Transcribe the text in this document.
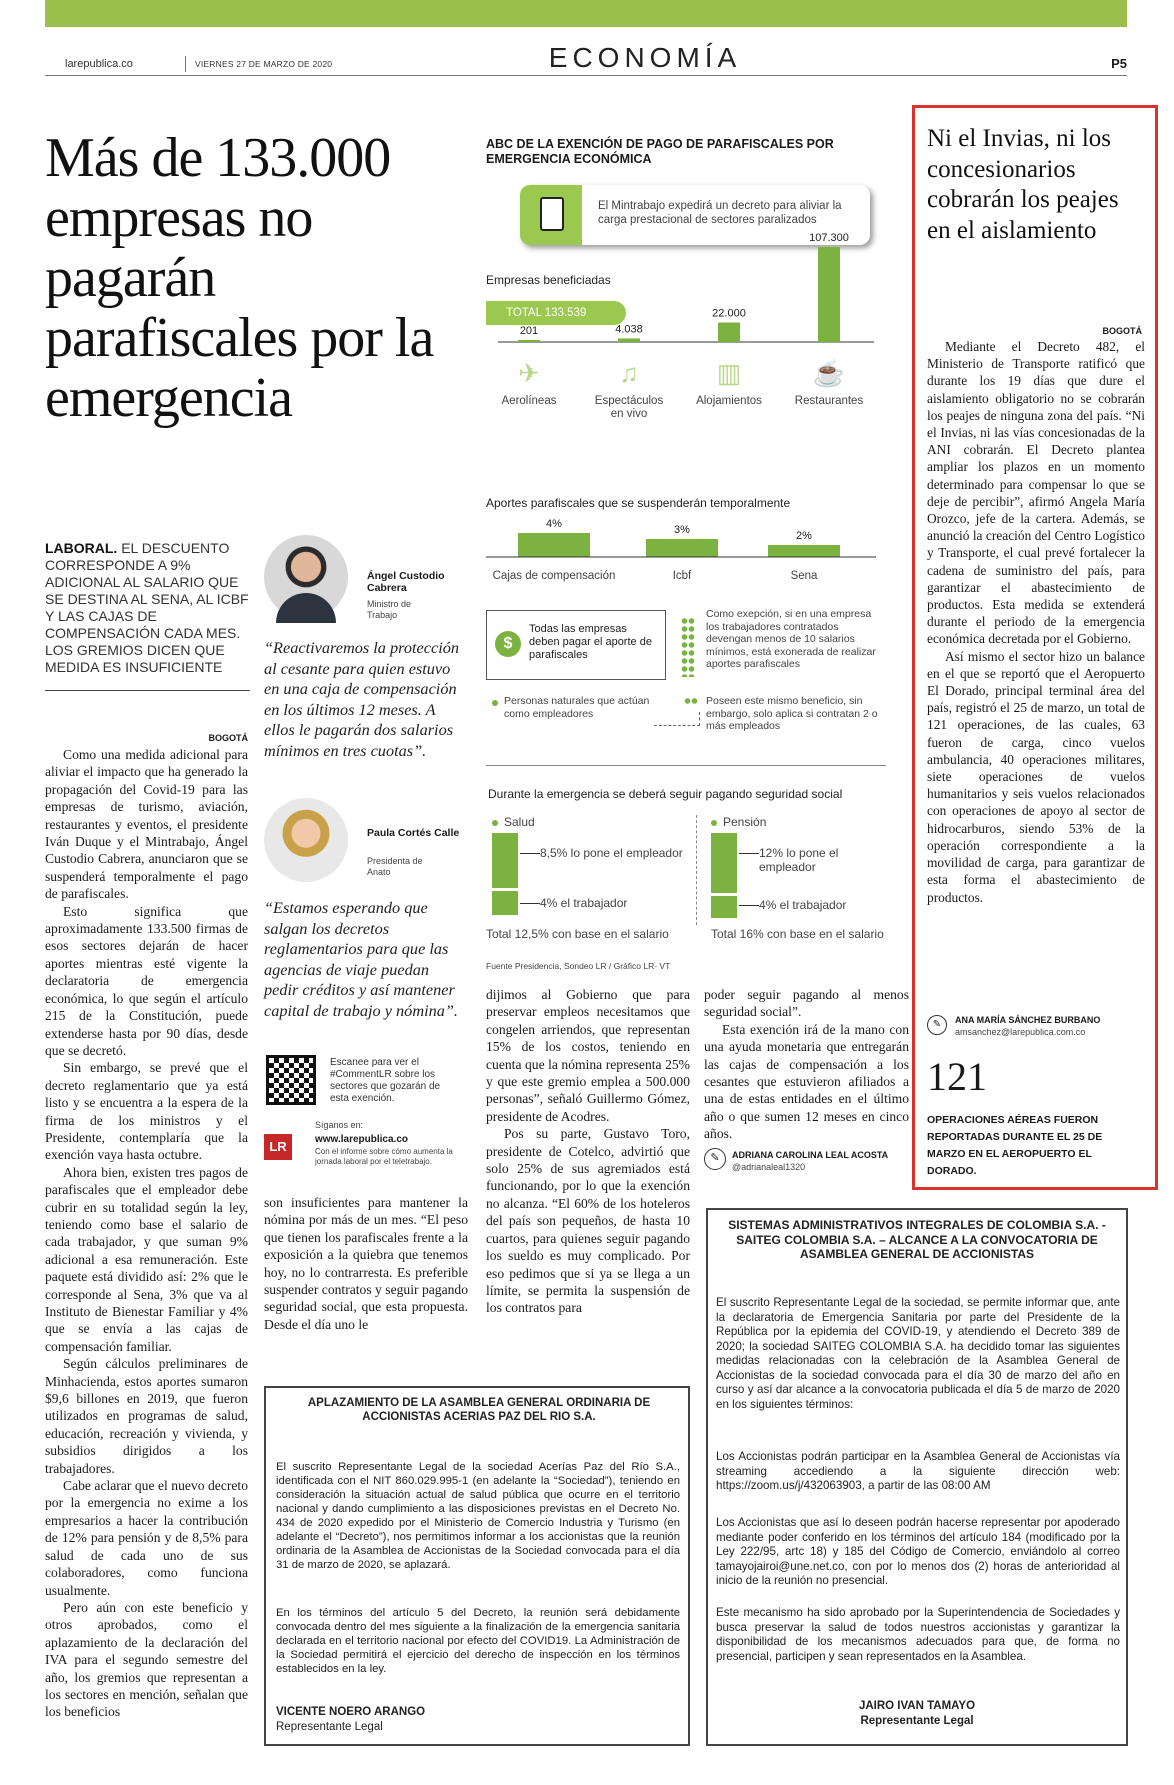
larepublica.co	VIERNES 27 DE MARZO DE 2020	ECONOMÍA	P5
Más de 133.000 empresas no pagarán parafiscales por la emergencia
LABORAL. EL DESCUENTO CORRESPONDE A 9% ADICIONAL AL SALARIO QUE SE DESTINA AL SENA, AL ICBF Y LAS CAJAS DE COMPENSACIÓN CADA MES. LOS GREMIOS DICEN QUE MEDIDA ES INSUFICIENTE
BOGOTÁ

Como una medida adicional para aliviar el impacto que ha generado la propagación del Covid-19 para las empresas de turismo, aviación, restaurantes y eventos, el presidente Iván Duque y el Mintrabajo, Ángel Custodio Cabrera, anunciaron que se suspenderá temporalmente el pago de parafiscales.

Esto significa que aproximadamente 133.500 firmas de esos sectores dejarán de hacer aportes mientras esté vigente la declaratoria de emergencia económica, lo que según el artículo 215 de la Constitución, puede extenderse hasta por 90 días, desde que se decretó.

Sin embargo, se prevé que el decreto reglamentario que ya está listo y se encuentra a la espera de la firma de los ministros y el Presidente, contemplaría que la exención vaya hasta octubre.

Ahora bien, existen tres pagos de parafiscales que el empleador debe cubrir en su totalidad según la ley, teniendo como base el salario de cada trabajador, y que suman 9% adicional a esa remuneración. Este paquete está dividido así: 2% que le corresponde al Sena, 3% que va al Instituto de Bienestar Familiar y 4% que se envía a las cajas de compensación familiar.

Según cálculos preliminares de Minhacienda, estos aportes sumaron $9,6 billones en 2019, que fueron utilizados en programas de salud, educación, recreación y vivienda, y subsidios dirigidos a los trabajadores.

Cabe aclarar que el nuevo decreto por la emergencia no exime a los empresarios a hacer la contribución de 12% para pensión y de 8,5% para salud de cada uno de sus colaboradores, como funciona usualmente.

Pero aún con este beneficio y otros aprobados, como el aplazamiento de la declaración del IVA para el segundo semestre del año, los gremios que representan a los sectores en mención, señalan que los beneficios

Ángel Custodio Cabrera
Ministro de Trabajo
“Reactivaremos la protección al cesante para quien estuvo en una caja de compensación en los últimos 12 meses. A ellos le pagarán dos salarios mínimos en tres cuotas”.
Paula Cortés Calle
Presidenta de Anato
“Estamos esperando que salgan los decretos reglamentarios para que las agencias de viaje puedan pedir créditos y así mantener capital de trabajo y nómina”.
Escanee para ver el #CommentLR sobre los sectores que gozarán de esta exención.
Síganos en:
LR	www.larepublica.co
Con el informe sobre cómo aumenta la jornada laboral por el teletrabajo.

son insuficientes para mantener la nómina por más de un mes. “El peso que tienen los parafiscales frente a la exposición a la quiebra que tenemos hoy, no lo contrarresta. Es preferible suspender contratos y seguir pagando seguridad social, que esta propuesta. Desde el día uno le

ABC DE LA EXENCIÓN DE PAGO DE PARAFISCALES POR EMERGENCIA ECONÓMICA
El Mintrabajo expedirá un decreto para aliviar la carga prestacional de sectores paralizados
Empresas beneficiadas
TOTAL 133.539
201
✈
Aerolíneas
4.038
♫
Espectáculos
en vivo
22.000
▥
Alojamientos
107.300
☕
Restaurantes
Aportes parafiscales que se suspenderán temporalmente
4%
Cajas de compensación
3%
Icbf
2%
Sena
$
Todas las empresas deben pagar el aporte de parafiscales
Como exepción, si en una empresa los trabajadores contratados devengan menos de 10 salarios mínimos, está exonerada de realizar aportes parafiscales
Personas naturales que actúan como empleadores
Poseen este mismo beneficio, sin embargo, solo aplica si contratan 2 o más empleados
Durante la emergencia se deberá seguir pagando seguridad social
Salud
8,5% lo pone el empleador
4% el trabajador
Total 12,5% con base en el salario
Pensión
12% lo pone el empleador
4% el trabajador
Total 16% con base en el salario
Fuente Presidencia, Sondeo LR / Gráfico LR- VT

dijimos al Gobierno que para preservar empleos necesitamos que congelen arriendos, que representan 15% de los costos, teniendo en cuenta que la nómina representa 25% y que este gremio emplea a 500.000 personas”, señaló Guillermo Gómez, presidente de Acodres.

Pos su parte, Gustavo Toro, presidente de Cotelco, advirtió que solo 25% de sus agremiados está funcionando, por lo que la exención no alcanza. “El 60% de los hoteleros del país son pequeños, de hasta 10 cuartos, para quienes seguir pagando los sueldo es muy complicado. Por eso pedimos que si ya se llega a un límite, se permita la suspensión de los contratos para

poder seguir pagando al menos seguridad social”.

Esta exención irá de la mano con una ayuda monetaria que entregarán las cajas de compensación a los cesantes que estuvieron afiliados a una de estas entidades en el último año o que sumen 12 meses en cinco años.

✎	ADRIANA CAROLINA LEAL ACOSTA
@adrianaleal1320
APLAZAMIENTO DE LA ASAMBLEA GENERAL ORDINARIA DE ACCIONISTAS ACERIAS PAZ DEL RIO S.A.
El suscrito Representante Legal de la sociedad Acerías Paz del Río S.A., identificada con el NIT 860.029.995-1 (en adelante la “Sociedad”), teniendo en consideración la situación actual de salud pública que ocurre en el territorio nacional y dando cumplimiento a las disposiciones previstas en el Decreto No. 434 de 2020 expedido por el Ministerio de Comercio Industria y Turismo (en adelante el “Decreto”), nos permitimos informar a los accionistas que la reunión ordinaria de la Asamblea de Accionistas de la Sociedad convocada para el día 31 de marzo de 2020, se aplazará.
En los términos del artículo 5 del Decreto, la reunión será debidamente convocada dentro del mes siguiente a la finalización de la emergencia sanitaria declarada en el territorio nacional por efecto del COVID19. La Administración de la Sociedad permitirá el ejercicio del derecho de inspección en los términos establecidos en la ley.
VICENTE NOERO ARANGO
Representante Legal
SISTEMAS ADMINISTRATIVOS INTEGRALES DE COLOMBIA S.A. - SAITEG COLOMBIA S.A. – ALCANCE A LA CONVOCATORIA DE ASAMBLEA GENERAL DE ACCIONISTAS
El suscrito Representante Legal de la sociedad, se permite informar que, ante la declaratoria de Emergencia Sanitaria por parte del Presidente de la República por la epidemia del COVID-19, y atendiendo el Decreto 389 de 2020; la sociedad SAITEG COLOMBIA S.A. ha decidido tomar las siguientes medidas relacionadas con la celebración de la Asamblea General de Accionistas de la sociedad convocada para el día 30 de marzo del año en curso y así dar alcance a la convocatoria publicada el día 5 de marzo de 2020 en los siguientes términos:
Los Accionistas podrán participar en la Asamblea General de Accionistas vía streaming accediendo a la siguiente dirección web: https://zoom.us/j/432063903, a partir de las 08:00 AM
Los Accionistas que así lo deseen podrán hacerse representar por apoderado mediante poder conferido en los términos del artículo 184 (modificado por la Ley 222/95, artc 18) y 185 del Código de Comercio, enviándolo al correo tamayojairoi@une.net.co, con por lo menos dos (2) horas de anterioridad al inicio de la reunión no presencial.
Este mecanismo ha sido aprobado por la Superintendencia de Sociedades y busca preservar la salud de todos nuestros accionistas y garantizar la disponibilidad de los mecanismos adecuados para que, de forma no presencial, participen y sean representados en la Asamblea.
JAIRO IVAN TAMAYO
Representante Legal
Ni el Invias, ni los concesionarios cobrarán los peajes en el aislamiento
BOGOTÁ

Mediante el Decreto 482, el Ministerio de Transporte ratificó que durante los 19 días que dure el aislamiento obligatorio no se cobrarán los peajes de ninguna zona del país. “Ni el Invias, ni las vías concesionadas de la ANI cobrarán. El Decreto plantea ampliar los plazos en un momento determinado para compensar lo que se deje de percibir”, afirmó Angela María Orozco, jefe de la cartera. Además, se anunció la creación del Centro Logístico y Transporte, el cual prevé fortalecer la cadena de suministro del país, para garantizar el abastecimiento de productos. Esta medida se extenderá durante el periodo de la emergencia económica decretada por el Gobierno.

Así mismo el sector hizo un balance en el que se reportó que el Aeropuerto El Dorado, principal terminal área del país, registró el 25 de marzo, un total de 121 operaciones, de las cuales, 63 fueron de carga, cinco vuelos ambulancia, 40 operaciones militares, siete operaciones de vuelos humanitarios y seis vuelos relacionados con operaciones de apoyo al sector de hidrocarburos, siendo 53% de la operación correspondiente a la movilidad de carga, para garantizar de esta forma el abastecimiento de productos.

✎	ANA MARÍA SÁNCHEZ BURBANO
amsanchez@larepublica.com.co
121
OPERACIONES AÉREAS FUERON REPORTADAS DURANTE EL 25 DE MARZO EN EL AEROPUERTO EL DORADO.
